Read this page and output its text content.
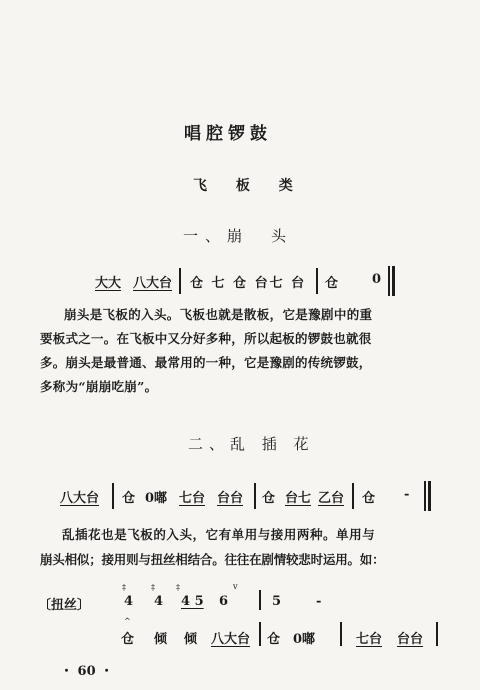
唱腔锣鼓
飞 板 类
一、崩　头
大大 八大台 仓 七 仓 台七 台 仓	0
崩头是飞板的入头。飞板也就是散板，它是豫剧中的重
要板式之一。在飞板中又分好多种，所以起板的锣鼓也就很
多。崩头是最普通、最常用的一种，它是豫剧的传统锣鼓，
多称为“崩崩吃崩”。
二、乱 插 花
八大台 仓 0嘟 七台 台台 仓 台七 乙台 仓 -
乱插花也是飞板的入头，它有单用与接用两种。单用与
崩头相似；接用则与扭丝相结合。往往在剧情较悲时运用。如：
〔扭丝〕
‡	‡	‡
4 4 4 5 6
v
5	-
^
仓 倾 倾 八大台 仓 0嘟	七台 台台
・ 60 ・
